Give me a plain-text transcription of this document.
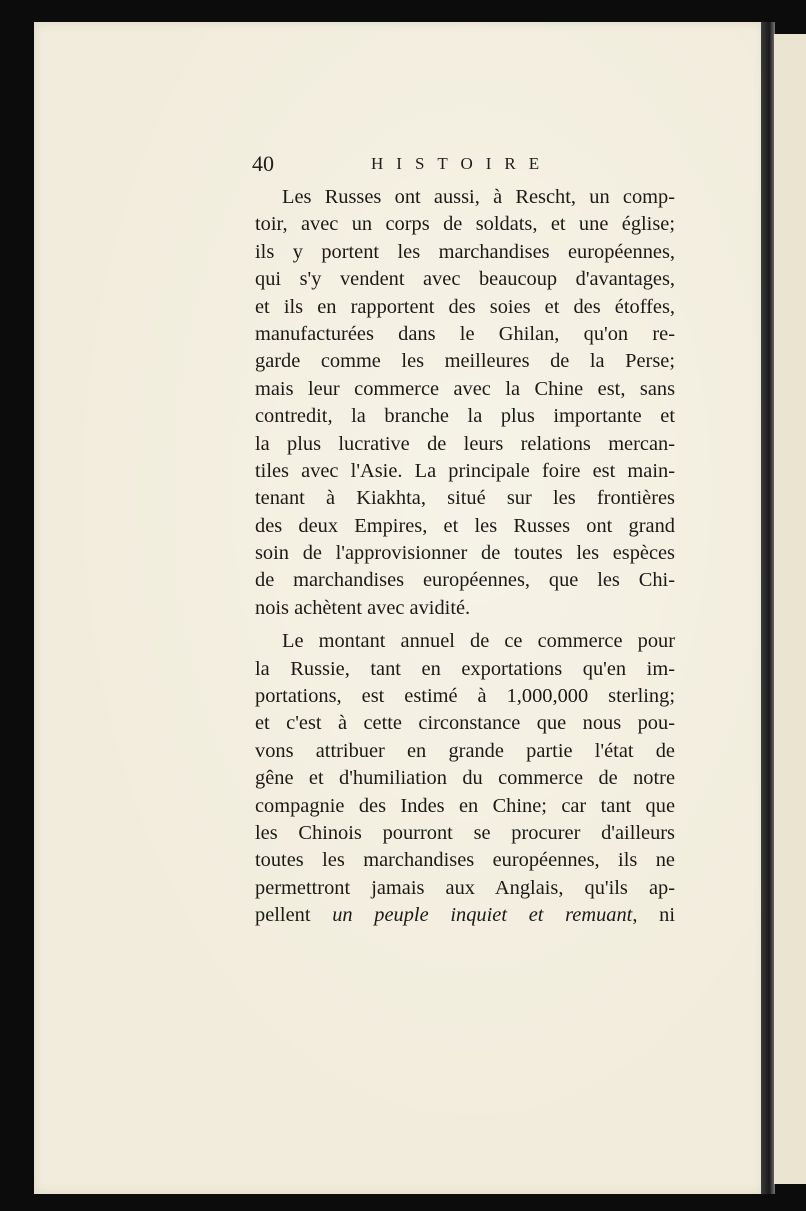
40	HISTOIRE
Les Russes ont aussi, à Rescht, un comp-
toir, avec un corps de soldats, et une église;
ils y portent les marchandises européennes,
qui s'y vendent avec beaucoup d'avantages,
et ils en rapportent des soies et des étoffes,
manufacturées dans le Ghilan, qu'on re-
garde comme les meilleures de la Perse;
mais leur commerce avec la Chine est, sans
contredit, la branche la plus importante et
la plus lucrative de leurs relations mercan-
tiles avec l'Asie. La principale foire est main-
tenant à Kiakhta, situé sur les frontières
des deux Empires, et les Russes ont grand
soin de l'approvisionner de toutes les espèces
de marchandises européennes, que les Chi-
nois achètent avec avidité.
Le montant annuel de ce commerce pour
la Russie, tant en exportations qu'en im-
portations, est estimé à 1,000,000 sterling;
et c'est à cette circonstance que nous pou-
vons attribuer en grande partie l'état de
gêne et d'humiliation du commerce de notre
compagnie des Indes en Chine; car tant que
les Chinois pourront se procurer d'ailleurs
toutes les marchandises européennes, ils ne
permettront jamais aux Anglais, qu'ils ap-
pellent un peuple inquiet et remuant, ni
